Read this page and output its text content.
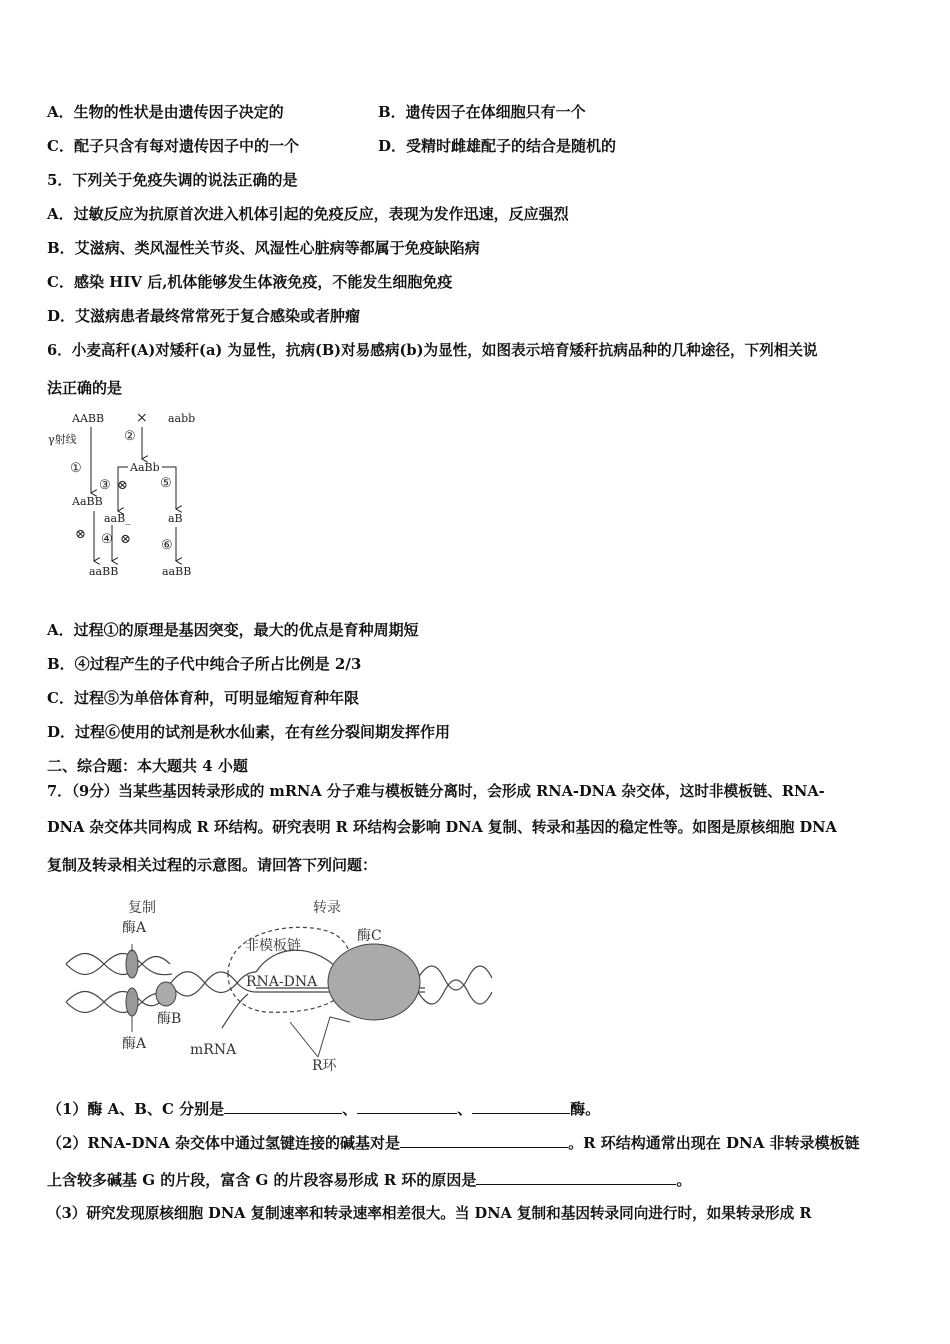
A．生物的性状是由遗传因子决定的	B．遗传因子在体细胞只有一个
C．配子只含有每对遗传因子中的一个	D．受精时雌雄配子的结合是随机的
5．下列关于免疫失调的说法正确的是
A．过敏反应为抗原首次进入机体引起的免疫反应，表现为发作迅速，反应强烈
B．艾滋病、类风湿性关节炎、风湿性心脏病等都属于免疫缺陷病
C．感染 HIV 后,机体能够发生体液免疫，不能发生细胞免疫
D．艾滋病患者最终常常死于复合感染或者肿瘤
6．小麦高秆(A)对矮秆(a) 为显性，抗病(B)对易感病(b)为显性，如图表示培育矮秆抗病品种的几种途径，下列相关说
法正确的是
AABB × aabb
γ射线
①
②
AaBb
③ ⊗ ⑤
AaBB
aaB_	aB
⊗ ④ ⊗ ⑥
aaBB	aaBB
A．过程①的原理是基因突变，最大的优点是育种周期短
B．④过程产生的子代中纯合子所占比例是 2/3
C．过程⑤为单倍体育种，可明显缩短育种年限
D．过程⑥使用的试剂是秋水仙素，在有丝分裂间期发挥作用
二、综合题：本大题共 4 小题
7．（9分）当某些基因转录形成的 mRNA 分子难与模板链分离时，会形成 RNA-DNA 杂交体，这时非模板链、RNA-
DNA 杂交体共同构成 R 环结构。研究表明 R 环结构会影响 DNA 复制、转录和基因的稳定性等。如图是原核细胞 DNA
复制及转录相关过程的示意图。请回答下列问题：
复制	转录
酶A	酶C
非模板链
RNA-DNA
酶B
酶A	mRNA
R环
（1）酶 A、B、C 分别是	、	、	酶。
（2）RNA-DNA 杂交体中通过氢键连接的碱基对是	。R 环结构通常出现在 DNA 非转录模板链
上含较多碱基 G 的片段，富含 G 的片段容易形成 R 环的原因是	。
（3）研究发现原核细胞 DNA 复制速率和转录速率相差很大。当 DNA 复制和基因转录同向进行时，如果转录形成 R
